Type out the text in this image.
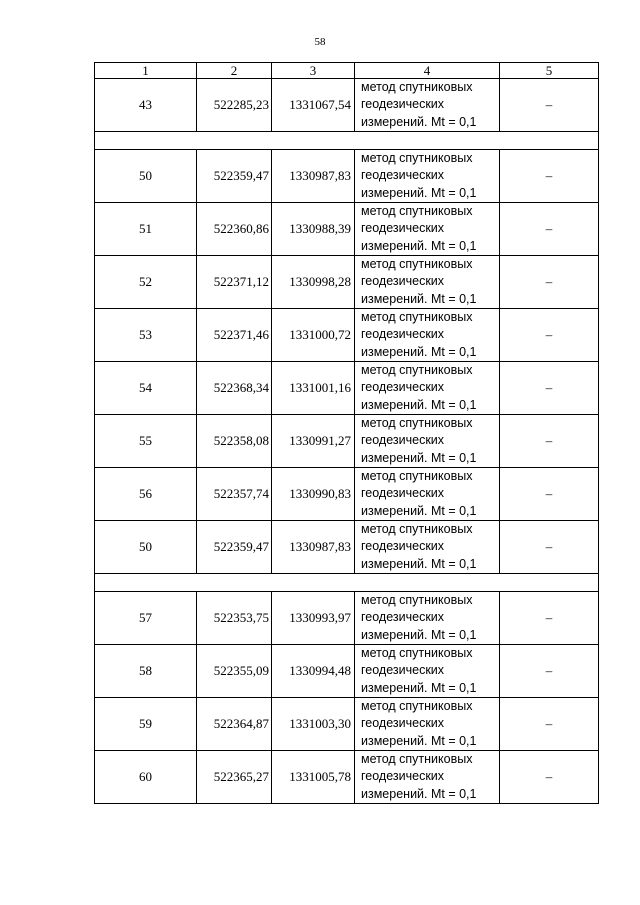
58
1	2	3	4	5
43	522285,23	1331067,54	метод спутниковых
геодезических
измерений. Mt = 0,1	–

50	522359,47	1330987,83	метод спутниковых
геодезических
измерений. Mt = 0,1	–
51	522360,86	1330988,39	метод спутниковых
геодезических
измерений. Mt = 0,1	–
52	522371,12	1330998,28	метод спутниковых
геодезических
измерений. Mt = 0,1	–
53	522371,46	1331000,72	метод спутниковых
геодезических
измерений. Mt = 0,1	–
54	522368,34	1331001,16	метод спутниковых
геодезических
измерений. Mt = 0,1	–
55	522358,08	1330991,27	метод спутниковых
геодезических
измерений. Mt = 0,1	–
56	522357,74	1330990,83	метод спутниковых
геодезических
измерений. Mt = 0,1	–
50	522359,47	1330987,83	метод спутниковых
геодезических
измерений. Mt = 0,1	–

57	522353,75	1330993,97	метод спутниковых
геодезических
измерений. Mt = 0,1	–
58	522355,09	1330994,48	метод спутниковых
геодезических
измерений. Mt = 0,1	–
59	522364,87	1331003,30	метод спутниковых
геодезических
измерений. Mt = 0,1	–
60	522365,27	1331005,78	метод спутниковых
геодезических
измерений. Mt = 0,1	–
